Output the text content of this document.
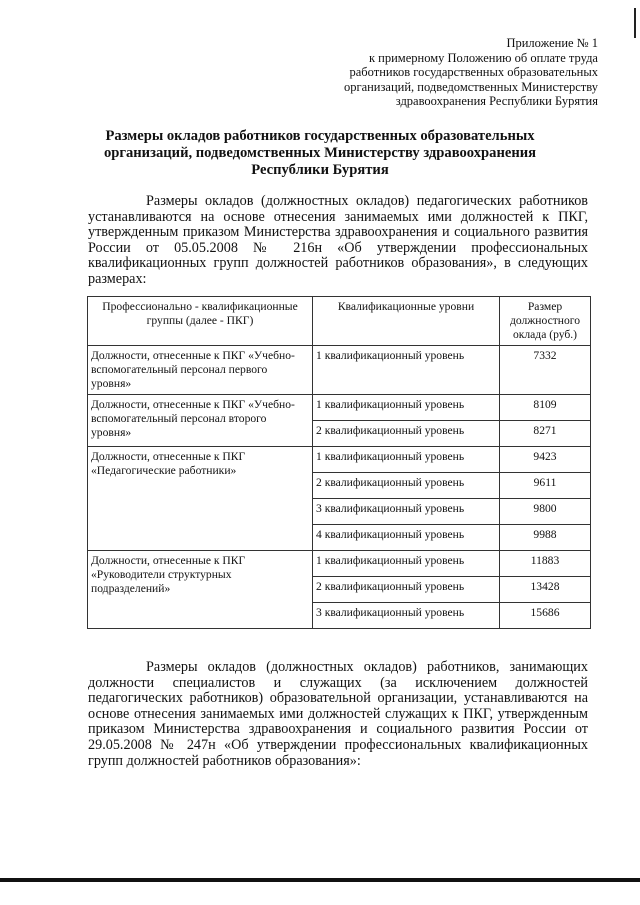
Приложение № 1
к примерному Положению об оплате труда
работников государственных образовательных
организаций, подведомственных Министерству
здравоохранения Республики Бурятия
Размеры окладов работников государственных образовательных организаций, подведомственных Министерству здравоохранения Республики Бурятия
Размеры окладов (должностных окладов) педагогических работников устанавливаются на основе отнесения занимаемых ими должностей к ПКГ, утвержденным приказом Министерства здравоохранения и социального развития России от 05.05.2008 № 216н «Об утверждении профессиональных квалификационных групп должностей работников образования», в следующих размерах:
Профессионально - квалификационные группы (далее - ПКГ)	Квалификационные уровни	Размер должностного оклада (руб.)
Должности, отнесенные к ПКГ «Учебно-вспомогательный персонал первого уровня»	1 квалификационный уровень	7332
Должности, отнесенные к ПКГ «Учебно-вспомогательный персонал второго уровня»	1 квалификационный уровень	8109
	2 квалификационный уровень	8271
Должности, отнесенные к ПКГ «Педагогические работники»	1 квалификационный уровень	9423
	2 квалификационный уровень	9611
	3 квалификационный уровень	9800
	4 квалификационный уровень	9988
Должности, отнесенные к ПКГ «Руководители структурных подразделений»	1 квалификационный уровень	11883
	2 квалификационный уровень	13428
	3 квалификационный уровень	15686
Размеры окладов (должностных окладов) работников, занимающих должности специалистов и служащих (за исключением должностей педагогических работников) образовательной организации, устанавливаются на основе отнесения занимаемых ими должностей служащих к ПКГ, утвержденным приказом Министерства здравоохранения и социального развития России от 29.05.2008 № 247н «Об утверждении профессиональных квалификационных групп должностей работников образования»:
